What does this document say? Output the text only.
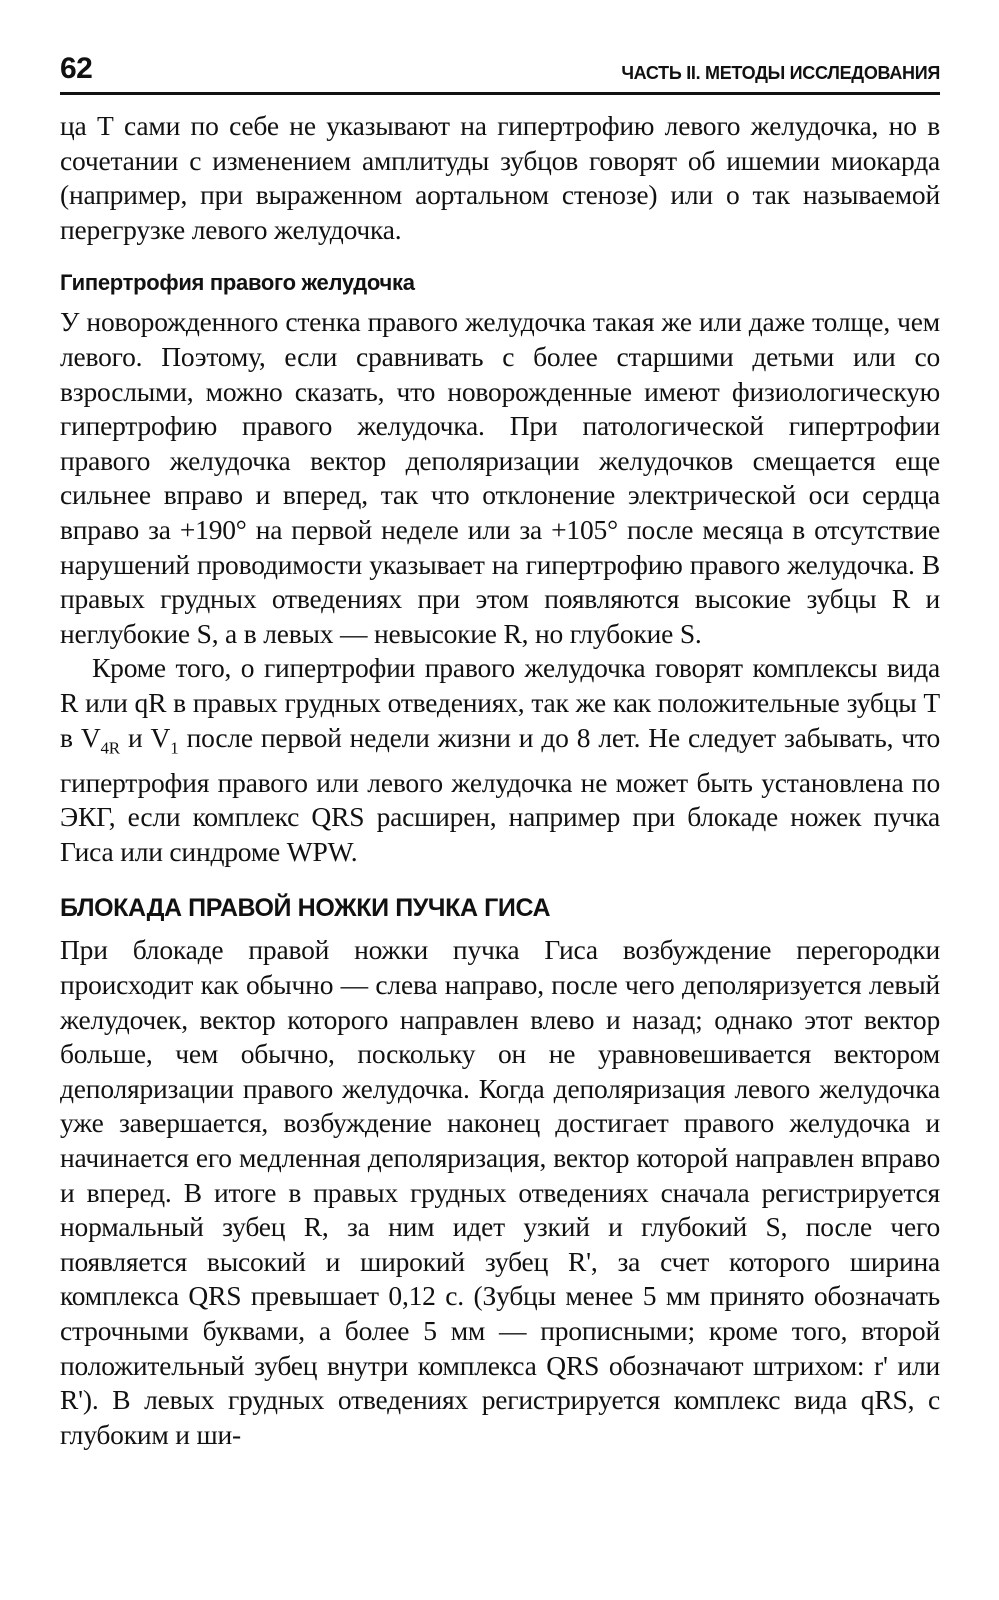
62	ЧАСТЬ II. МЕТОДЫ ИССЛЕДОВАНИЯ

ца Т сами по себе не указывают на гипертрофию левого желудочка, но в сочетании с изменением амплитуды зубцов говорят об ишемии миокарда (например, при выраженном аортальном стенозе) или о так называемой перегрузке левого желудочка.

Гипертрофия правого желудочка

У новорожденного стенка правого желудочка такая же или даже толще, чем левого. Поэтому, если сравнивать с более старшими детьми или со взрослыми, можно сказать, что новорожденные имеют физиологическую гипертрофию правого желудочка. При патологической гипертрофии правого желудочка вектор деполяризации желудочков смещается еще сильнее вправо и вперед, так что отклонение электрической оси сердца вправо за +190° на первой неделе или за +105° после месяца в отсутствие нарушений проводимости указывает на гипертрофию правого желудочка. В правых грудных отведениях при этом появляются высокие зубцы R и неглубокие S, а в левых — невысокие R, но глубокие S.

Кроме того, о гипертрофии правого желудочка говорят комплексы вида R или qR в правых грудных отведениях, так же как положительные зубцы T в $V_{4R}$ и $V_1$ после первой недели жизни и до 8 лет. Не следует забывать, что гипертрофия правого или левого желудочка не может быть установлена по ЭКГ, если комплекс QRS расширен, например при блокаде ножек пучка Гиса или синдроме WPW.

БЛОКАДА ПРАВОЙ НОЖКИ ПУЧКА ГИСА

При блокаде правой ножки пучка Гиса возбуждение перегородки происходит как обычно — слева направо, после чего деполяризуется левый желудочек, вектор которого направлен влево и назад; однако этот вектор больше, чем обычно, поскольку он не уравновешивается вектором деполяризации правого желудочка. Когда деполяризация левого желудочка уже завершается, возбуждение наконец достигает правого желудочка и начинается его медленная деполяризация, вектор которой направлен вправо и вперед. В итоге в правых грудных отведениях сначала регистрируется нормальный зубец R, за ним идет узкий и глубокий S, после чего появляется высокий и широкий зубец R', за счет которого ширина комплекса QRS превышает 0,12 с. (Зубцы менее 5 мм принято обозначать строчными буквами, а более 5 мм — прописными; кроме того, второй положительный зубец внутри комплекса QRS обозначают штрихом: r' или R'). В левых грудных отведениях регистрируется комплекс вида qRS, с глубоким и ши-
